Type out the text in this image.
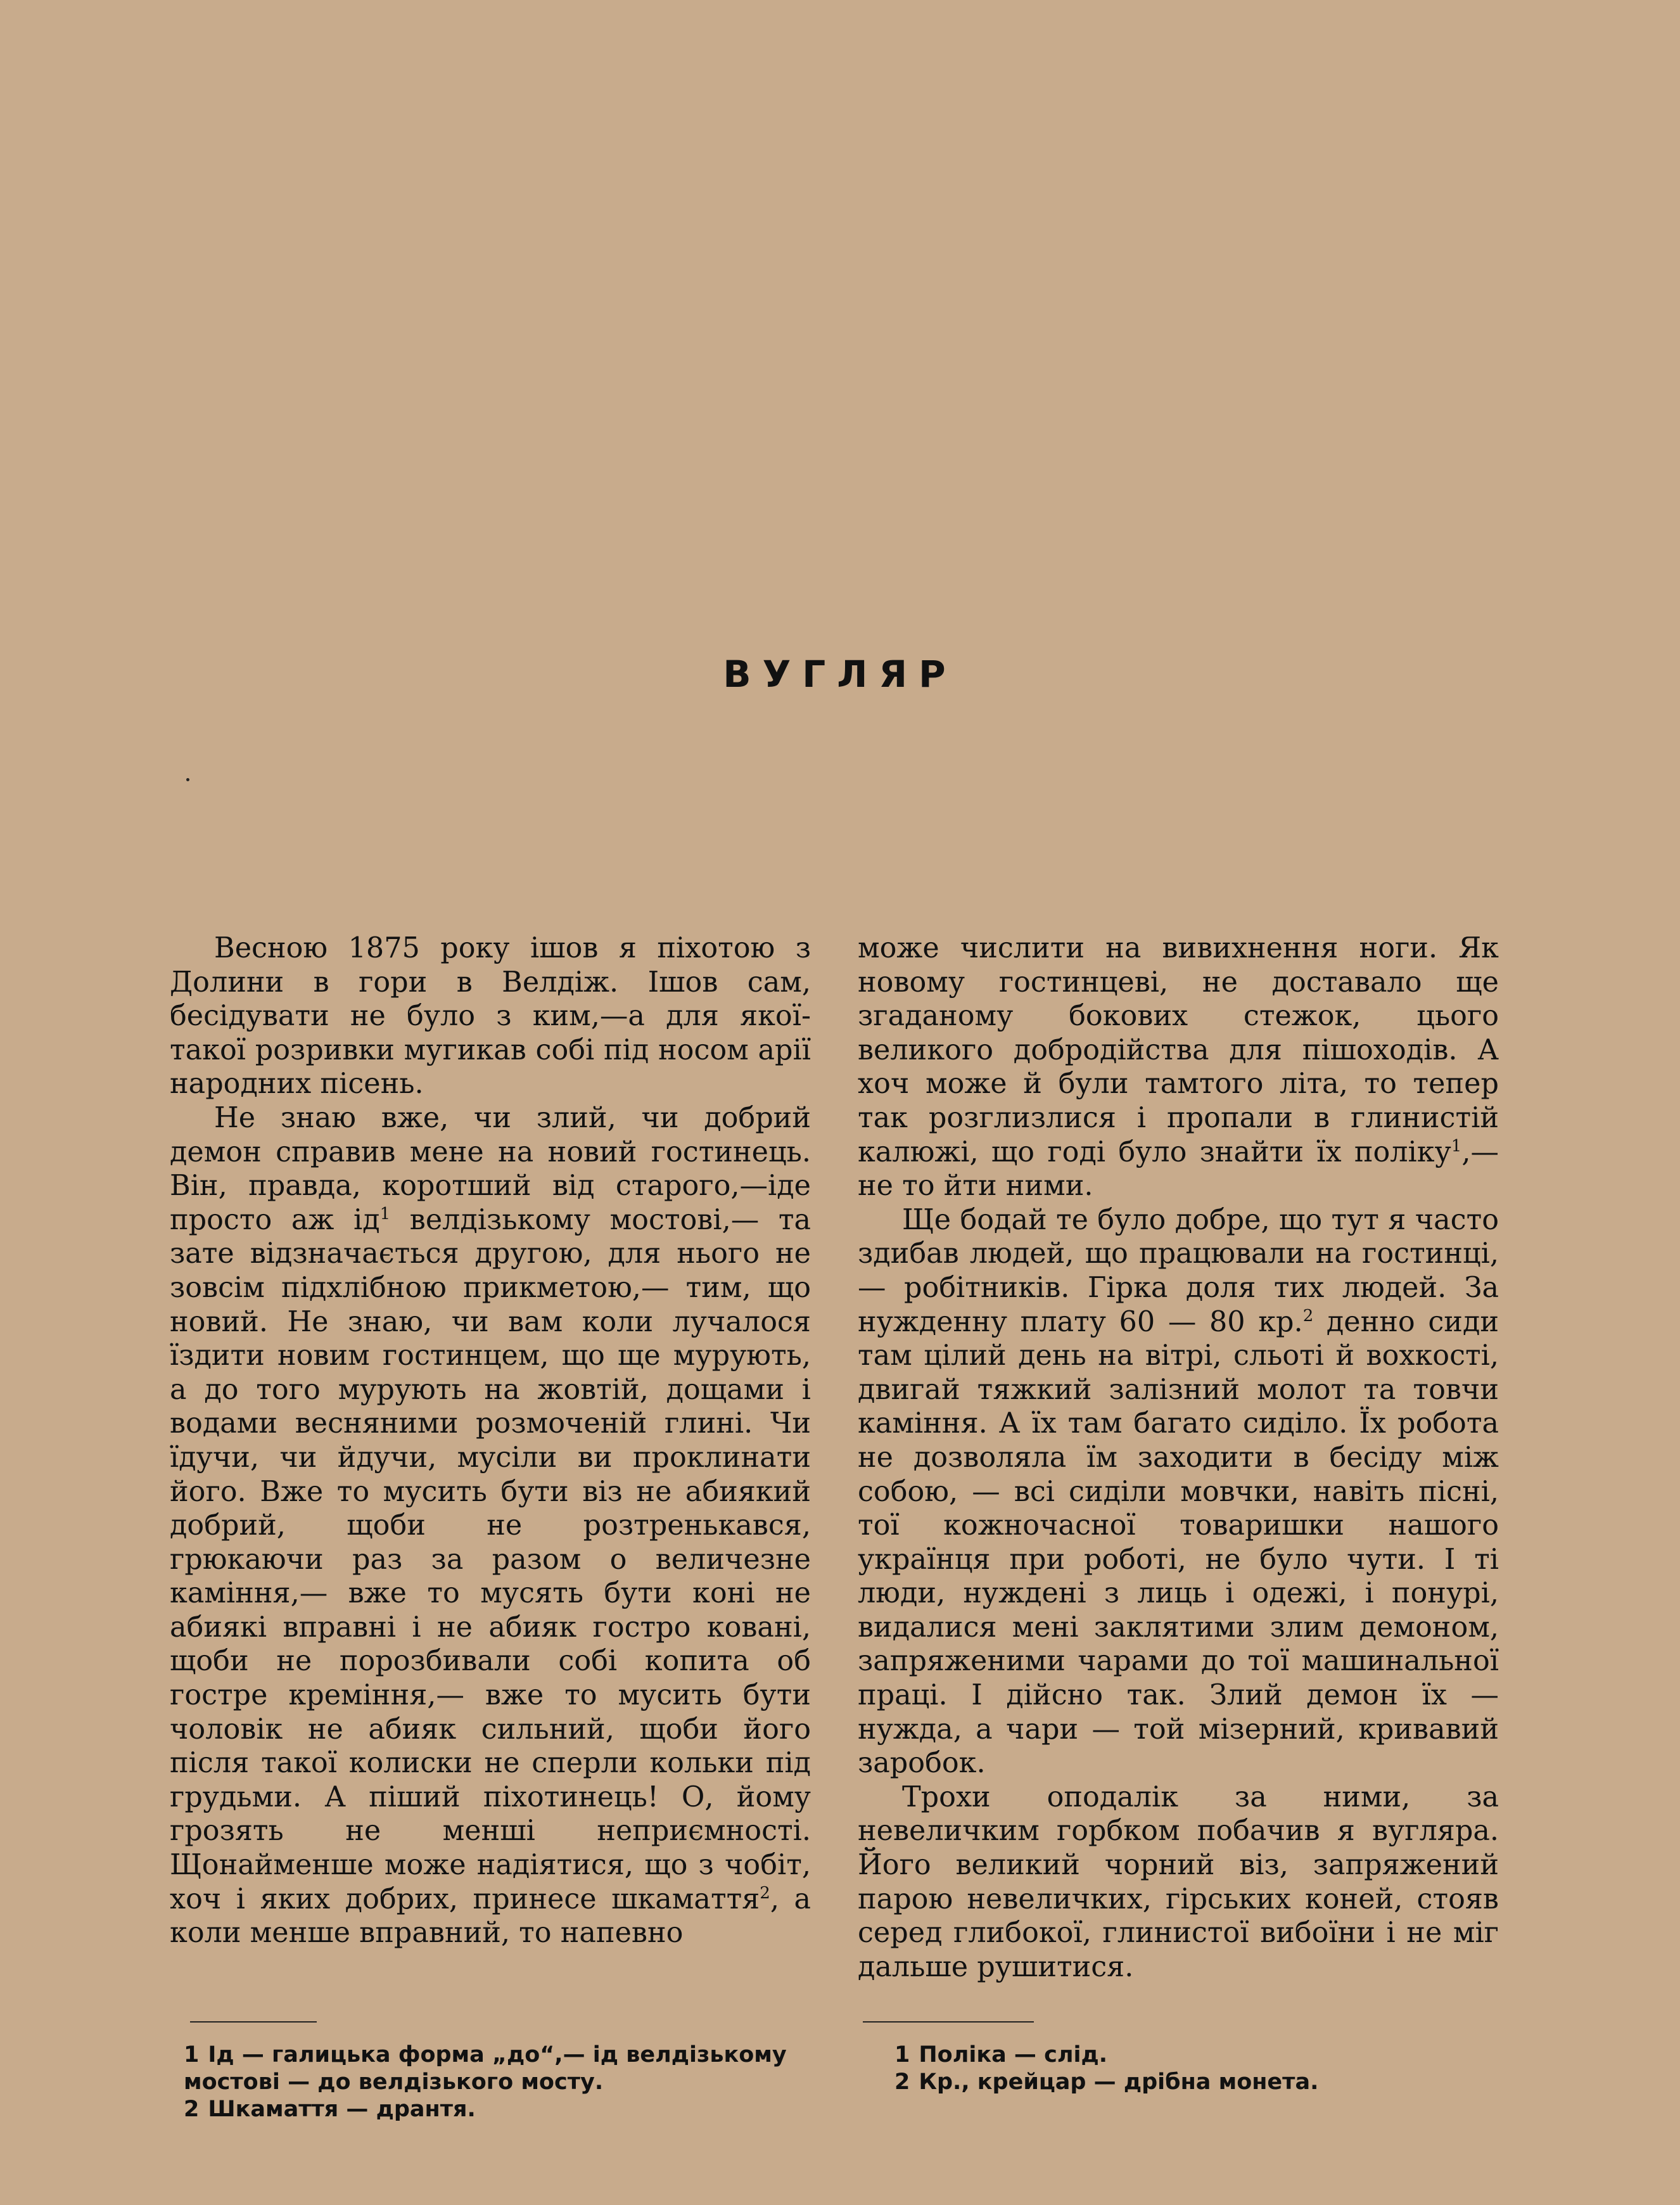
ВУГЛЯР

Весною 1875 року ішов я піхотою з Долини в гори в Велдіж. Ішов сам, бесідувати не було з ким,—а для якої-такої розривки мугикав собі під носом арії народних пісень.

Не знаю вже, чи злий, чи добрий демон справив мене на новий гостинець. Він, правда, коротший від старого,—іде просто аж $ід^1$ велдізькому мостові,— та зате відзначається другою, для нього не зовсім підхлібною прикметою,— тим, що новий. Не знаю, чи вам коли лучалося їздити новим гостинцем, що ще мурують, а до того мурують на жовтій, дощами і водами весняними розмоченій глині. Чи їдучи, чи йдучи, мусіли ви проклинати його. Вже то мусить бути віз не абиякий добрий, щоби не розтренькався, грюкаючи раз за разом о величезне каміння,— вже то мусять бути коні не абиякі вправні і не абияк гостро ковані, щоби не порозбивали собі копита об гостре креміння,— вже то мусить бути чоловік не абияк сильний, щоби його після такої колиски не сперли кольки під грудьми. А піший піхотинець! О, йому грозять не менші неприємності. Щонайменше може надіятися, що з чобіт, хоч і яких добрих, принесе шкамаття$^2$, а коли менше вправний, то напевно

може числити на вивихнення ноги. Як новому гостинцеві, не доставало ще згаданому бокових стежок, цього великого добродійства для пішоходів. А хоч може й були тамтого літа, то тепер так розглизлися і пропали в глинистій калюжі, що годі було знайти їх поліку$^1$,— не то йти ними.

Ще бодай те було добре, що тут я часто здибав людей, що працювали на гостинці,— робітників. Гірка доля тих людей. За нужденну плату 60 — 80 кр.$^2$ денно сиди там цілий день на вітрі, сльоті й вохкості, двигай тяжкий залізний молот та товчи каміння. А їх там багато сиділо. Їх робота не дозволяла їм заходити в бесіду між собою, — всі сиділи мовчки, навіть пісні, тої кожночасної товаришки нашого українця при роботі, не було чути. І ті люди, нуждені з лиць і одежі, і понурі, видалися мені заклятими злим демоном, запряженими чарами до тої машинальної праці. І дійсно так. Злий демон їх — нужда, а чари — той мізерний, кривавий заробок.

Трохи оподалік за ними, за невеличким горбком побачив я вугляра. Його великий чорний віз, запряжений парою невеличких, гірських коней, стояв серед глибокої, глинистої вибоїни і не міг дальше рушитися.

1 Ід — галицька форма „до“,— ід велдізькому мостові — до велдізького мосту.

2 Шкамаття — дрантя.

1 Поліка — слід.

2 Кр., крейцар — дрібна монета.
